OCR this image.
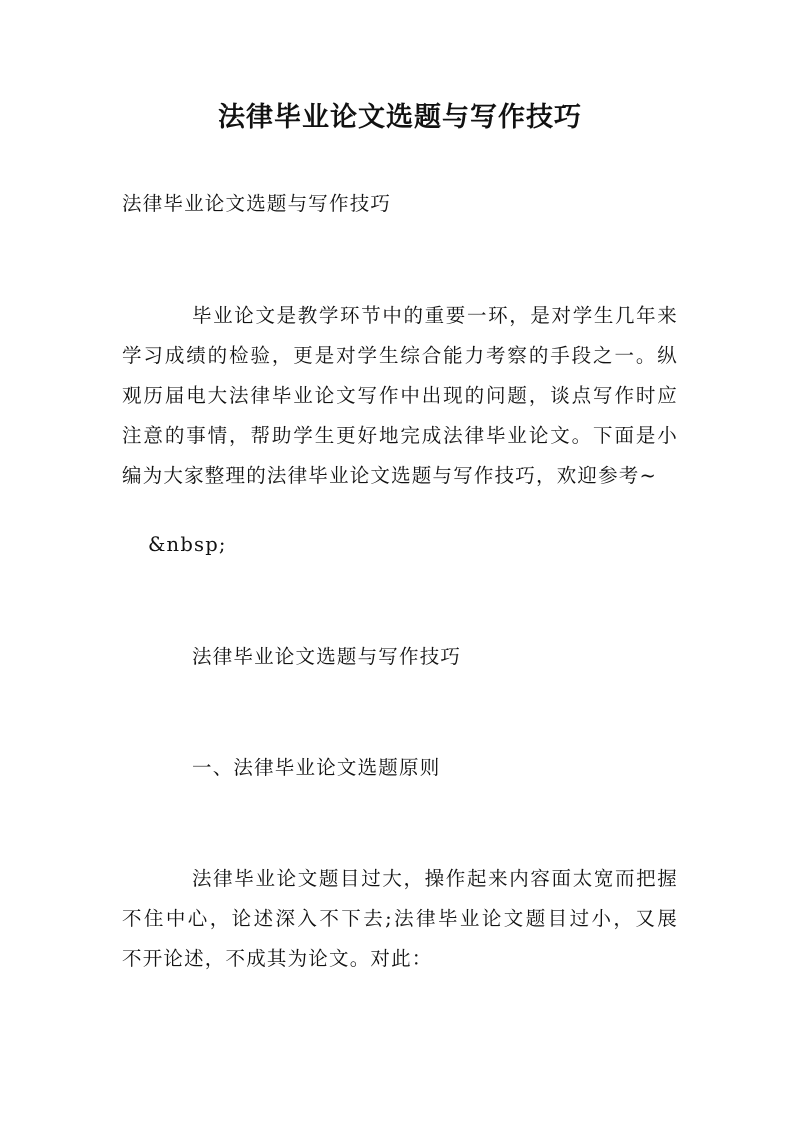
法律毕业论文选题与写作技巧
法律毕业论文选题与写作技巧
毕业论文是教学环节中的重要一环，是对学生几年来
学习成绩的检验，更是对学生综合能力考察的手段之一。纵
观历届电大法律毕业论文写作中出现的问题，谈点写作时应
注意的事情，帮助学生更好地完成法律毕业论文。下面是小
编为大家整理的法律毕业论文选题与写作技巧，欢迎参考~
&nbsp;
法律毕业论文选题与写作技巧
一、法律毕业论文选题原则
法律毕业论文题目过大，操作起来内容面太宽而把握
不住中心，论述深入不下去;法律毕业论文题目过小，又展
不开论述，不成其为论文。对此：
